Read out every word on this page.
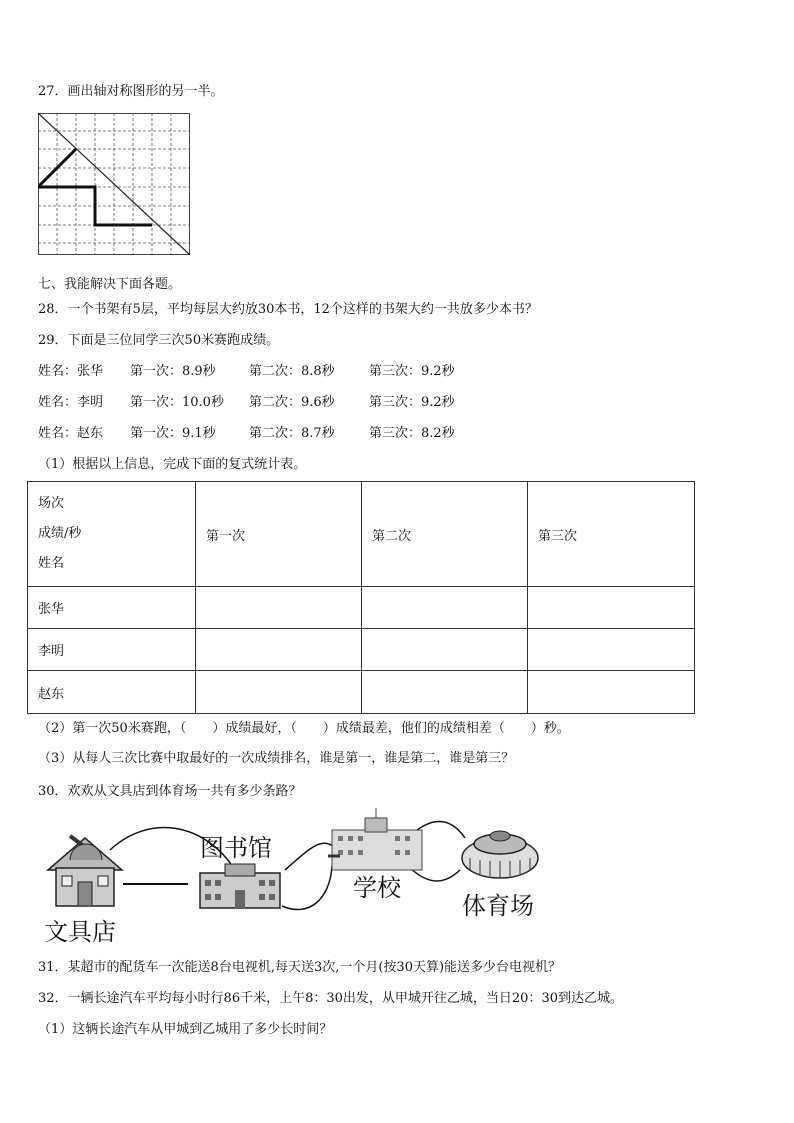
27．画出轴对称图形的另一半。
七、我能解决下面各题。
28．一个书架有5层，平均每层大约放30本书，12个这样的书架大约一共放多少本书？
29．下面是三位同学三次50米赛跑成绩。
姓名：张华 第一次：8.9秒	第二次：8.8秒	第三次：9.2秒
姓名：李明 第一次：10.0秒 第二次：9.6秒	第三次：9.2秒
姓名：赵东 第一次：9.1秒	第二次：8.7秒	第三次：8.2秒
（1）根据以上信息，完成下面的复式统计表。
场次
成绩/秒
姓名	第一次	第二次	第三次
张华			
李明			
赵东			
（2）第一次50米赛跑，（　　）成绩最好，（　　）成绩最差，他们的成绩相差（　　）秒。
（3）从每人三次比赛中取最好的一次成绩排名，谁是第一，谁是第二，谁是第三？
30．欢欢从文具店到体育场一共有多少条路？
图书馆
学校
体育场
文具店
31．某超市的配货车一次能送8台电视机,每天送3次,一个月(按30天算)能送多少台电视机？
32．一辆长途汽车平均每小时行86千米，上午8：30出发，从甲城开往乙城，当日20：30到达乙城。
（1）这辆长途汽车从甲城到乙城用了多少长时间？
